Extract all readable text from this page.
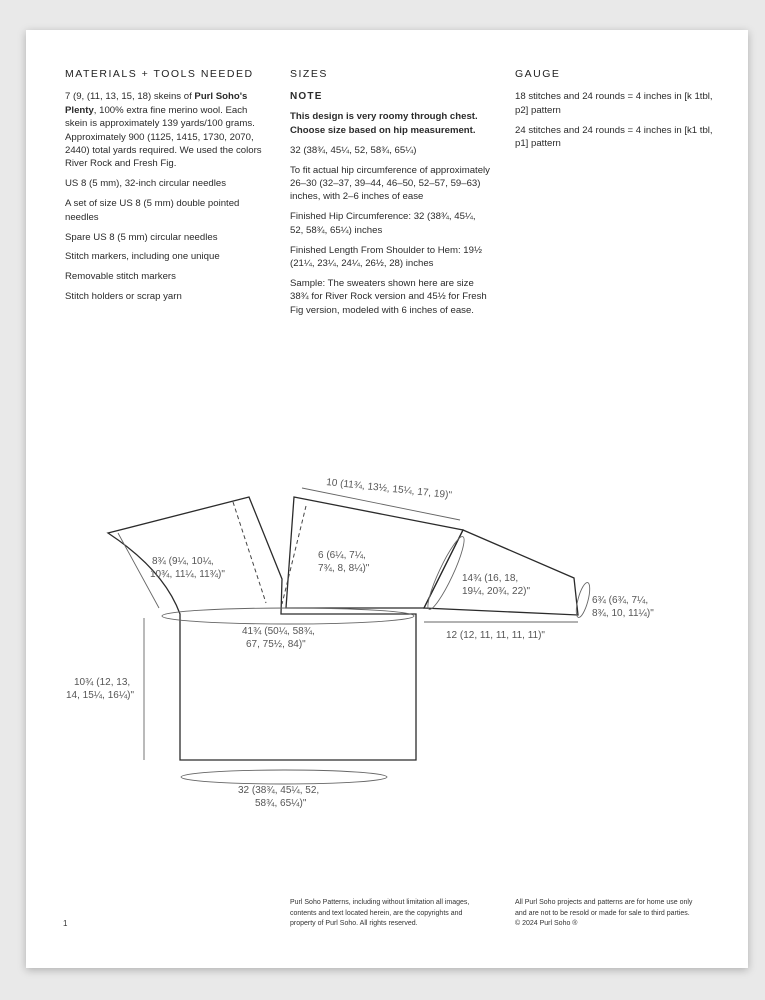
MATERIALS + TOOLS NEEDED

7 (9, (11, 13, 15, 18) skeins of Purl Soho's Plenty, 100% extra fine merino wool. Each skein is approximately 139 yards/100 grams. Approximately 900 (1125, 1415, 1730, 2070, 2440) total yards required. We used the colors River Rock and Fresh Fig.

US 8 (5 mm), 32-inch circular needles

A set of size US 8 (5 mm) double pointed needles

Spare US 8 (5 mm) circular needles

Stitch markers, including one unique

Removable stitch markers

Stitch holders or scrap yarn

SIZES

NOTE

This design is very roomy through chest. Choose size based on hip measurement.

32 (38¾, 45¼, 52, 58¾, 65¼)

To fit actual hip circumference of approximately 26–30 (32–37, 39–44, 46–50, 52–57, 59–63) inches, with 2–6 inches of ease

Finished Hip Circumference: 32 (38¾, 45¼, 52, 58¾, 65¼) inches

Finished Length From Shoulder to Hem: 19½ (21¼, 23¼, 24¼, 26½, 28) inches

Sample: The sweaters shown here are size 38¾ for River Rock version and 45½ for Fresh Fig version, modeled with 6 inches of ease.

GAUGE

18 stitches and 24 rounds = 4 inches in [k 1tbl, p2] pattern

24 stitches and 24 rounds = 4 inches in [k1 tbl, p1] pattern

10 (11¾, 13½, 15¼, 17, 19)"
8¾ (9¼, 10¼,
10¾, 11¼, 11¾)"
6 (6¼, 7¼,
7¾, 8, 8¼)"
41¾ (50¼, 58¾,
67, 75½, 84)"
14¾ (16, 18,
19¼, 20¾, 22)"
6¾ (6¾, 7¼,
8¾, 10, 11¼)"
12 (12, 11, 11, 11, 11)"
10¾ (12, 13,
14, 15¼, 16¼)"
32 (38¾, 45¼, 52,
58¾, 65¼)"
1
Purl Soho Patterns, including without limitation all images,
contents and text located herein, are the copyrights and
property of Purl Soho. All rights reserved.
All Purl Soho projects and patterns are for home use only
and are not to be resold or made for sale to third parties.
© 2024 Purl Soho ®
